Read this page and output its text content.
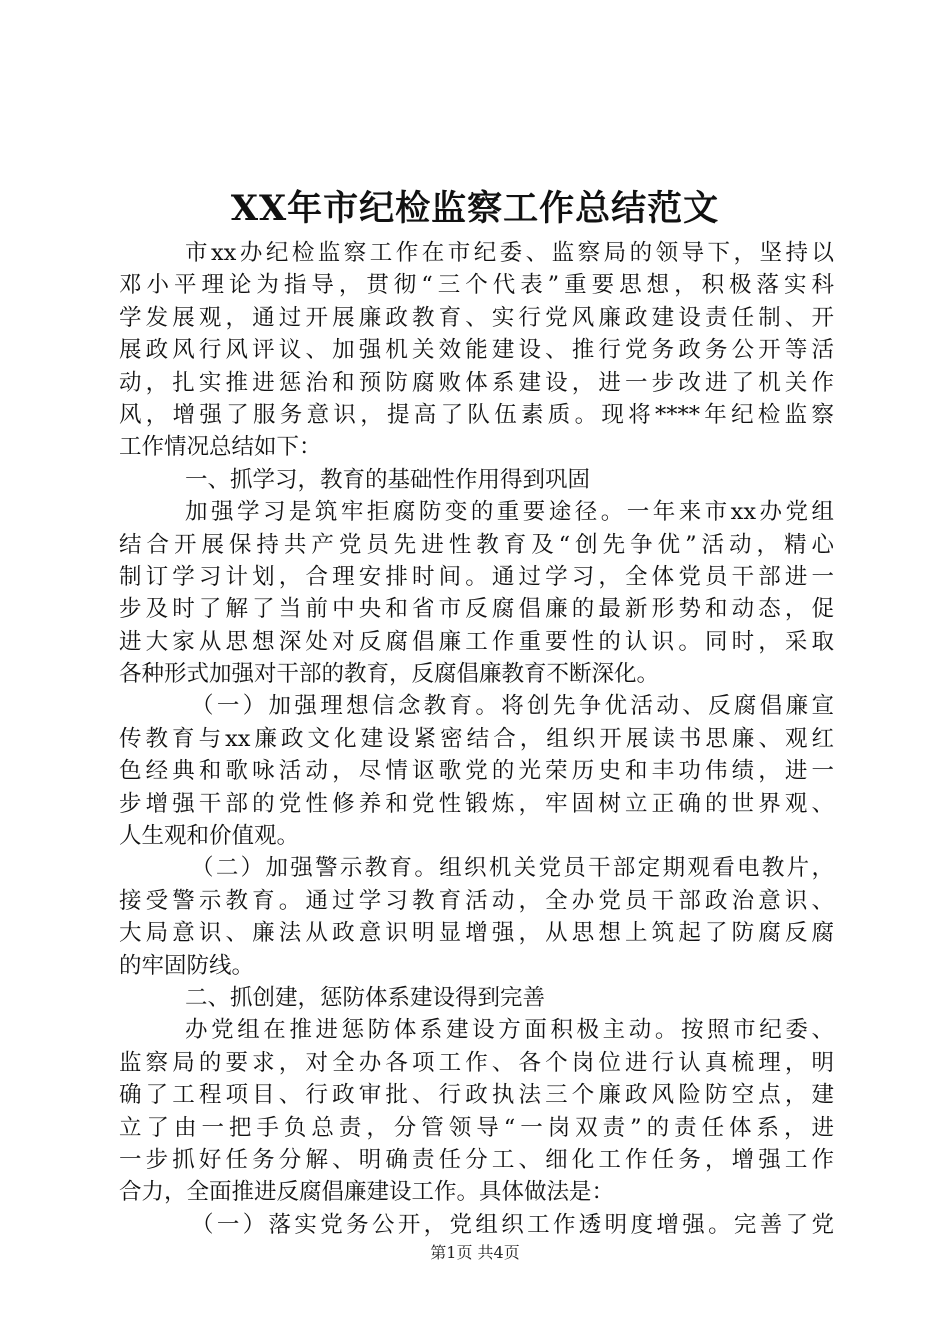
XX年市纪检监察工作总结范文
市xx办纪检监察工作在市纪委、监察局的领导下，坚持以
邓小平理论为指导，贯彻“三个代表”重要思想，积极落实科
学发展观，通过开展廉政教育、实行党风廉政建设责任制、开
展政风行风评议、加强机关效能建设、推行党务政务公开等活
动，扎实推进惩治和预防腐败体系建设，进一步改进了机关作
风，增强了服务意识，提高了队伍素质。现将****年纪检监察
工作情况总结如下：
一、抓学习，教育的基础性作用得到巩固
加强学习是筑牢拒腐防变的重要途径。一年来市xx办党组
结合开展保持共产党员先进性教育及“创先争优”活动，精心
制订学习计划，合理安排时间。通过学习，全体党员干部进一
步及时了解了当前中央和省市反腐倡廉的最新形势和动态，促
进大家从思想深处对反腐倡廉工作重要性的认识。同时，采取
各种形式加强对干部的教育，反腐倡廉教育不断深化。
（一）加强理想信念教育。将创先争优活动、反腐倡廉宣
传教育与xx廉政文化建设紧密结合，组织开展读书思廉、观红
色经典和歌咏活动，尽情讴歌党的光荣历史和丰功伟绩，进一
步增强干部的党性修养和党性锻炼，牢固树立正确的世界观、
人生观和价值观。
（二）加强警示教育。组织机关党员干部定期观看电教片，
接受警示教育。通过学习教育活动，全办党员干部政治意识、
大局意识、廉法从政意识明显增强，从思想上筑起了防腐反腐
的牢固防线。
二、抓创建，惩防体系建设得到完善
办党组在推进惩防体系建设方面积极主动。按照市纪委、
监察局的要求，对全办各项工作、各个岗位进行认真梳理，明
确了工程项目、行政审批、行政执法三个廉政风险防空点，建
立了由一把手负总责，分管领导“一岗双责”的责任体系，进
一步抓好任务分解、明确责任分工、细化工作任务，增强工作
合力，全面推进反腐倡廉建设工作。具体做法是：
（一）落实党务公开，党组织工作透明度增强。完善了党
第1页 共4页
